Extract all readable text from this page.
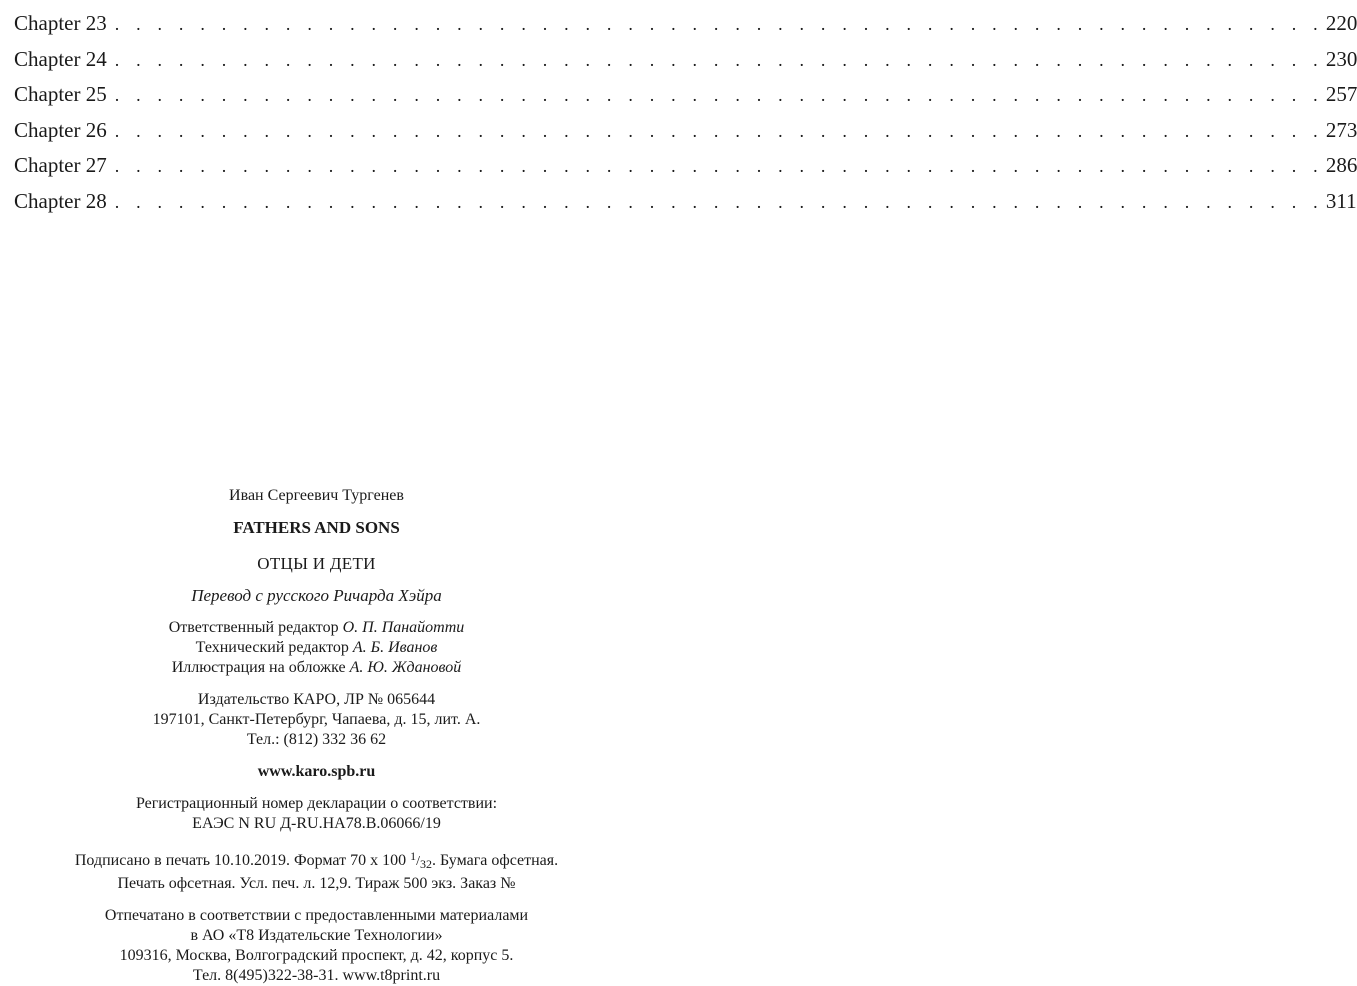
Chapter 23 . . . . . . . . . . . . . . . . . . . . . . . . . . . . . . . . . . . . . . . . . . . . . . . . . . . . . . . . . 220
Chapter 24 . . . . . . . . . . . . . . . . . . . . . . . . . . . . . . . . . . . . . . . . . . . . . . . . . . . . . . . . . 230
Chapter 25 . . . . . . . . . . . . . . . . . . . . . . . . . . . . . . . . . . . . . . . . . . . . . . . . . . . . . . . . . 257
Chapter 26 . . . . . . . . . . . . . . . . . . . . . . . . . . . . . . . . . . . . . . . . . . . . . . . . . . . . . . . . . 273
Chapter 27 . . . . . . . . . . . . . . . . . . . . . . . . . . . . . . . . . . . . . . . . . . . . . . . . . . . . . . . . . 286
Chapter 28 . . . . . . . . . . . . . . . . . . . . . . . . . . . . . . . . . . . . . . . . . . . . . . . . . . . . . . . . . 311

Иван Сергеевич Тургенев

FATHERS AND SONS

ОТЦЫ И ДЕТИ

Перевод с русского Ричарда Хэйра

Ответственный редактор О. П. Панайотти

Технический редактор А. Б. Иванов

Иллюстрация на обложке А. Ю. Ждановой

Издательство КАРО, ЛР № 065644

197101, Санкт-Петербург, Чапаева, д. 15, лит. А.

Тел.: (812) 332 36 62

www.karo.spb.ru

Регистрационный номер декларации о соответствии:

ЕАЭС N RU Д-RU.HA78.B.06066/19

Подписано в печать 10.10.2019. Формат 70 х 100 1/32. Бумага офсетная.

Печать офсетная. Усл. печ. л. 12,9. Тираж 500 экз. Заказ №

Отпечатано в соответствии с предоставленными материалами

в АО «Т8 Издательские Технологии»

109316, Москва, Волгоградский проспект, д. 42, корпус 5.

Тел. 8(495)322-38-31. www.t8print.ru
